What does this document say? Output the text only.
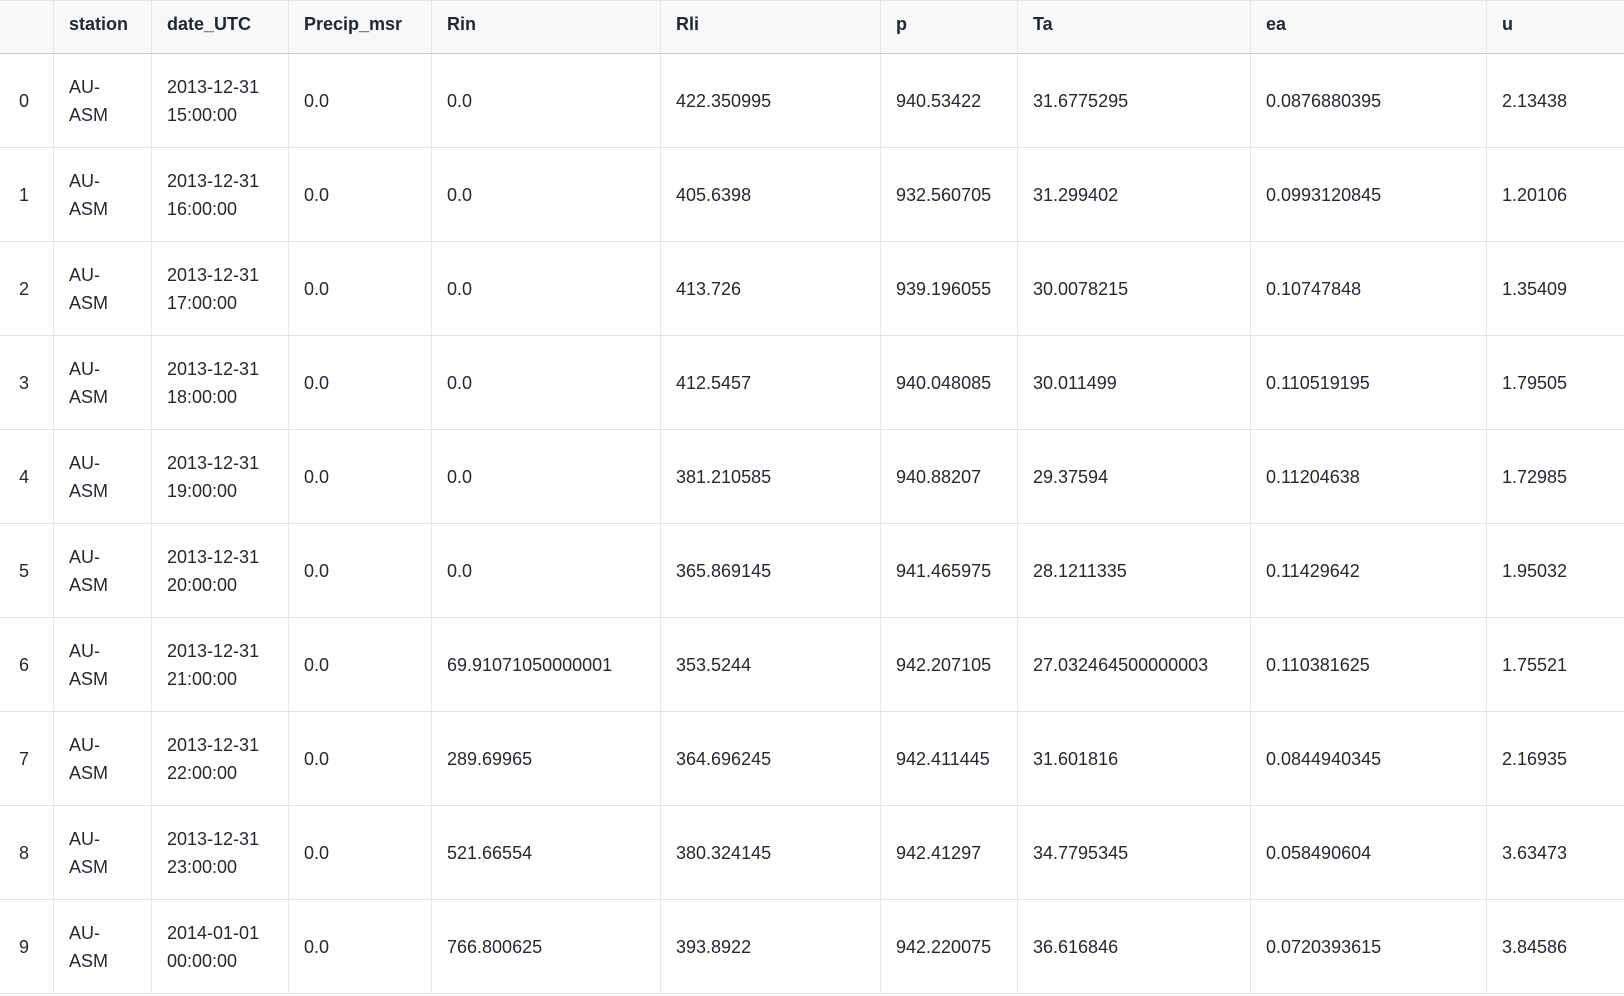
	station	date_UTC	Precip_msr	Rin	Rli	p	Ta	ea	u
0	AU-ASM	2013-12-31 15:00:00	0.0	0.0	422.350995	940.53422	31.6775295	0.0876880395	2.13438
1	AU-ASM	2013-12-31 16:00:00	0.0	0.0	405.6398	932.560705	31.299402	0.0993120845	1.20106
2	AU-ASM	2013-12-31 17:00:00	0.0	0.0	413.726	939.196055	30.0078215	0.10747848	1.35409
3	AU-ASM	2013-12-31 18:00:00	0.0	0.0	412.5457	940.048085	30.011499	0.110519195	1.79505
4	AU-ASM	2013-12-31 19:00:00	0.0	0.0	381.210585	940.88207	29.37594	0.11204638	1.72985
5	AU-ASM	2013-12-31 20:00:00	0.0	0.0	365.869145	941.465975	28.1211335	0.11429642	1.95032
6	AU-ASM	2013-12-31 21:00:00	0.0	69.91071050000001	353.5244	942.207105	27.032464500000003	0.110381625	1.75521
7	AU-ASM	2013-12-31 22:00:00	0.0	289.69965	364.696245	942.411445	31.601816	0.0844940345	2.16935
8	AU-ASM	2013-12-31 23:00:00	0.0	521.66554	380.324145	942.41297	34.7795345	0.058490604	3.63473
9	AU-ASM	2014-01-01 00:00:00	0.0	766.800625	393.8922	942.220075	36.616846	0.0720393615	3.84586
